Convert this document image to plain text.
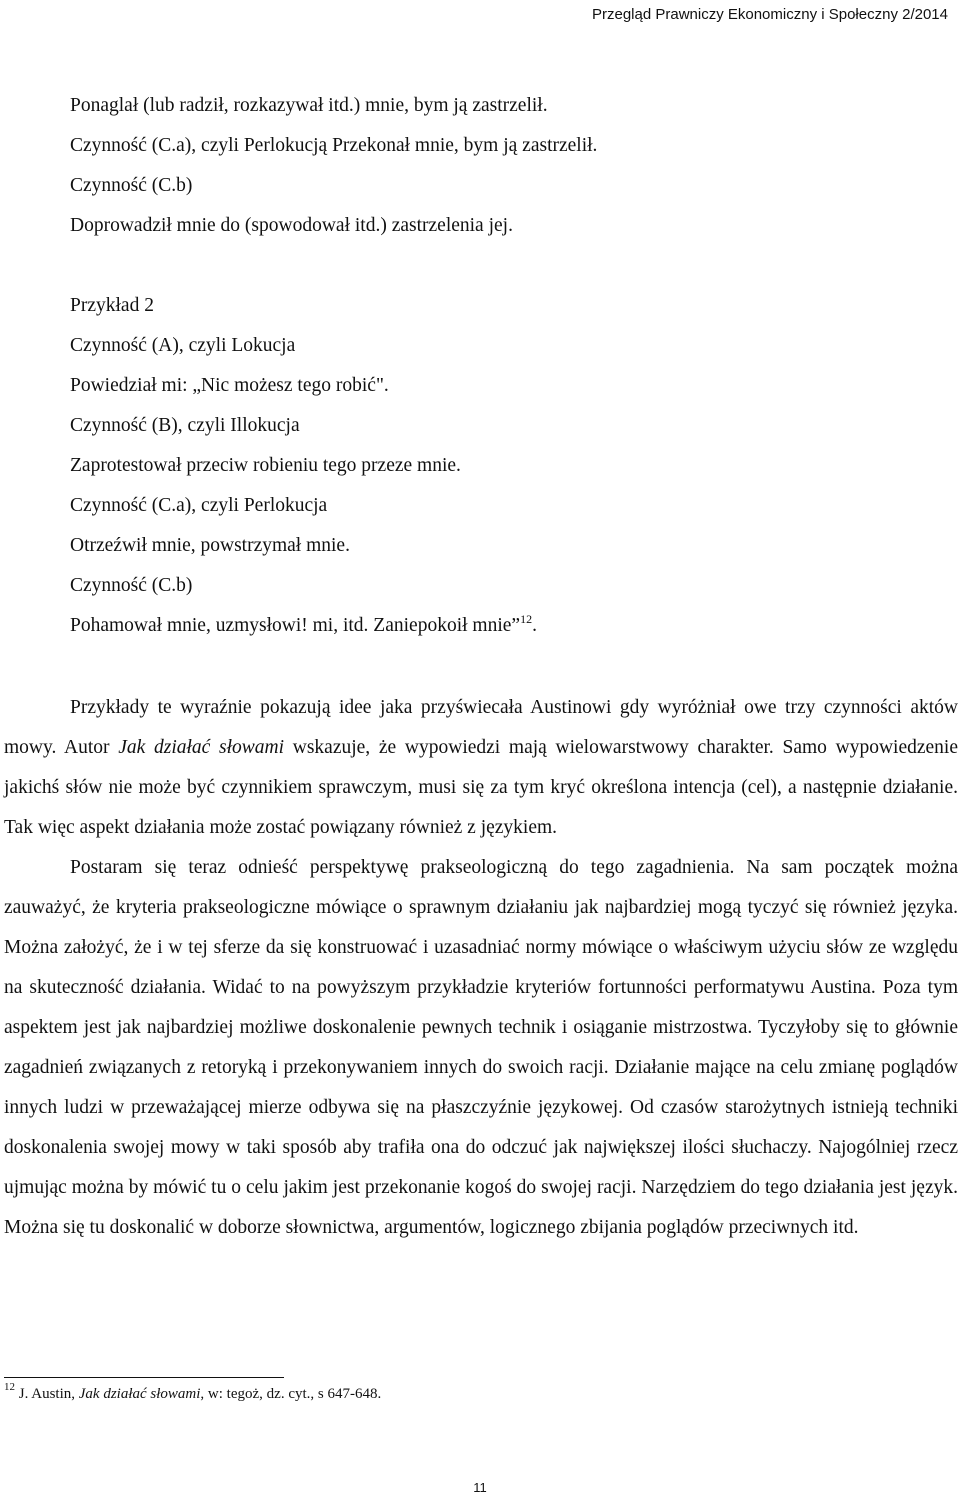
Przegląd Prawniczy Ekonomiczny i Społeczny 2/2014
Ponaglał (lub radził, rozkazywał itd.) mnie, bym ją zastrzelił.
Czynność (C.a), czyli Perlokucją Przekonał mnie, bym ją zastrzelił.
Czynność (C.b)
Doprowadził mnie do (spowodował itd.) zastrzelenia jej.
Przykład 2
Czynność (A), czyli Lokucja
Powiedział mi: „Nic możesz tego robić".
Czynność (B), czyli Illokucja
Zaprotestował przeciw robieniu tego przeze mnie.
Czynność (C.a), czyli Perlokucja
Otrzeźwił mnie, powstrzymał mnie.
Czynność (C.b)
Pohamował mnie, uzmysłowi! mi, itd. Zaniepokoił mnie”$^{12}$.

Przykłady te wyraźnie pokazują idee jaka przyświecała Austinowi gdy wyróżniał owe trzy czynności aktów mowy. Autor Jak działać słowami wskazuje, że wypowiedzi mają wielowarstwowy charakter. Samo wypowiedzenie jakichś słów nie może być czynnikiem sprawczym, musi się za tym kryć określona intencja (cel), a następnie działanie. Tak więc aspekt działania może zostać powiązany również z językiem.

Postaram się teraz odnieść perspektywę prakseologiczną do tego zagadnienia. Na sam początek można zauważyć, że kryteria prakseologiczne mówiące o sprawnym działaniu jak najbardziej mogą tyczyć się również języka. Można założyć, że i w tej sferze da się konstruować i uzasadniać normy mówiące o właściwym użyciu słów ze względu na skuteczność działania. Widać to na powyższym przykładzie kryteriów fortunności performatywu Austina. Poza tym aspektem jest jak najbardziej możliwe doskonalenie pewnych technik i osiąganie mistrzostwa. Tyczyłoby się to głównie zagadnień związanych z retoryką i przekonywaniem innych do swoich racji. Działanie mające na celu zmianę poglądów innych ludzi w przeważającej mierze odbywa się na płaszczyźnie językowej. Od czasów starożytnych istnieją techniki doskonalenia swojej mowy w taki sposób aby trafiła ona do odczuć jak największej ilości słuchaczy. Najogólniej rzecz ujmując można by mówić tu o celu jakim jest przekonanie kogoś do swojej racji. Narzędziem do tego działania jest język. Można się tu doskonalić w doborze słownictwa, argumentów, logicznego zbijania poglądów przeciwnych itd.

$^{12}$ J. Austin, Jak działać słowami, w: tegoż, dz. cyt., s 647-648.
11
